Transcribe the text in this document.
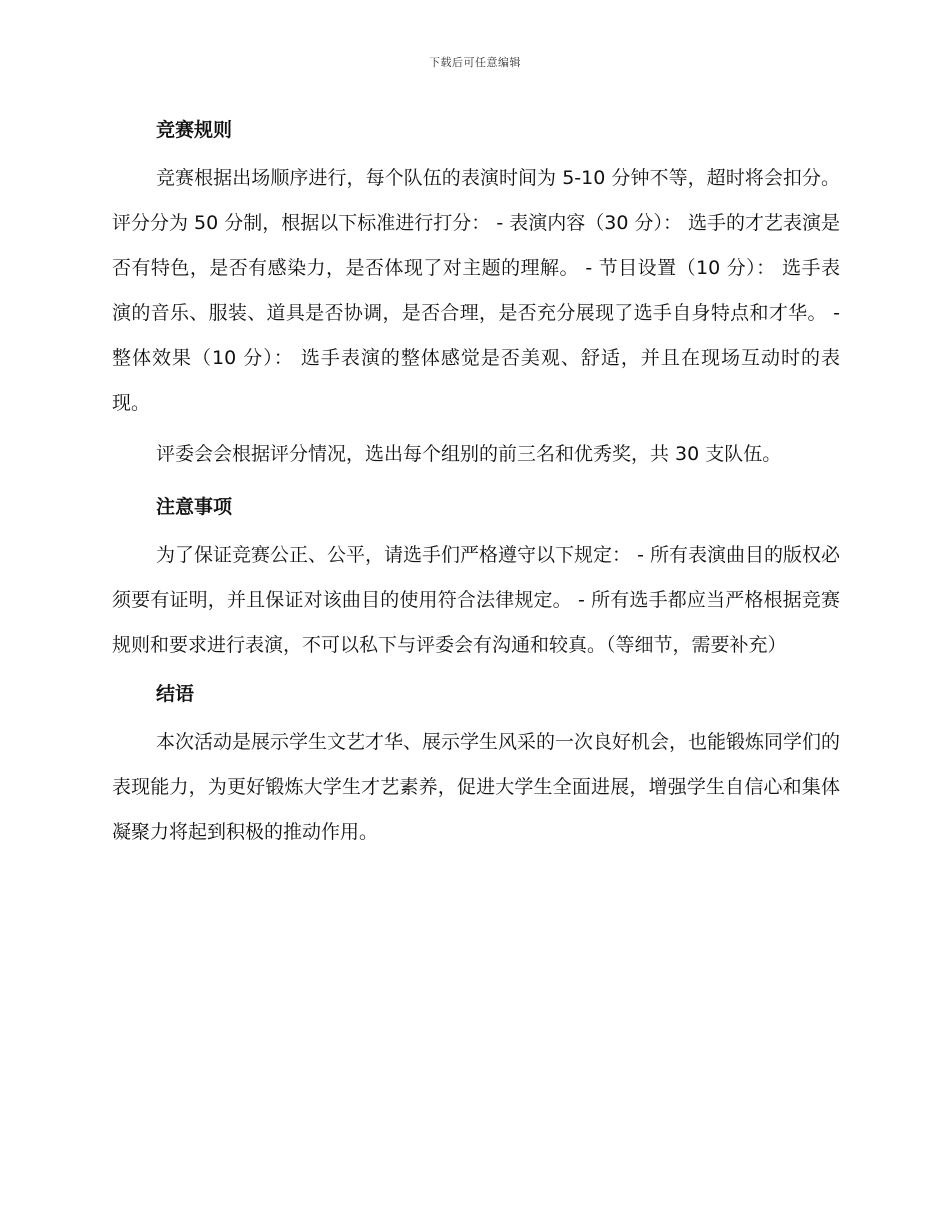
下载后可任意编辑
竞赛规则

竞赛根据出场顺序进行，每个队伍的表演时间为 5-10 分钟不等，超时将会扣分。评分分为 50 分制，根据以下标准进行打分： - 表演内容（30 分）： 选手的才艺表演是否有特色，是否有感染力，是否体现了对主题的理解。 - 节目设置（10 分）： 选手表演的音乐、服装、道具是否协调，是否合理，是否充分展现了选手自身特点和才华。 - 整体效果（10 分）： 选手表演的整体感觉是否美观、舒适，并且在现场互动时的表现。

评委会会根据评分情况，选出每个组别的前三名和优秀奖，共 30 支队伍。

注意事项

为了保证竞赛公正、公平，请选手们严格遵守以下规定： - 所有表演曲目的版权必须要有证明，并且保证对该曲目的使用符合法律规定。 - 所有选手都应当严格根据竞赛规则和要求进行表演，不可以私下与评委会有沟通和较真。（等细节，需要补充）

结语

本次活动是展示学生文艺才华、展示学生风采的一次良好机会，也能锻炼同学们的表现能力，为更好锻炼大学生才艺素养，促进大学生全面进展，增强学生自信心和集体凝聚力将起到积极的推动作用。
